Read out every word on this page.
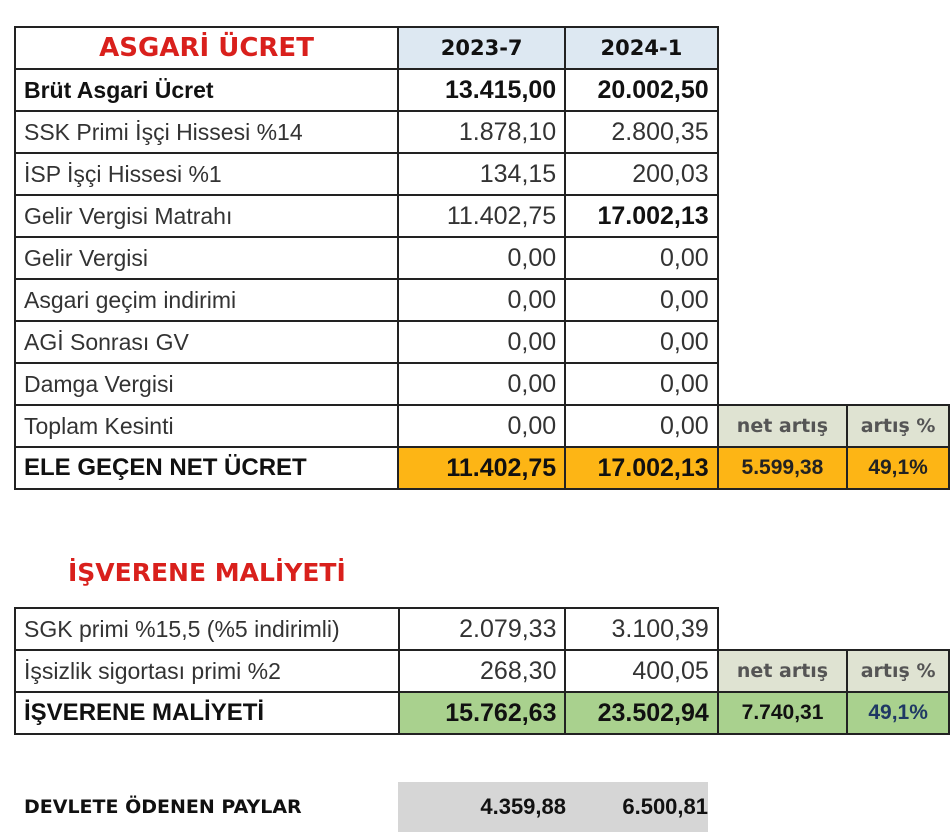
ASGARİ ÜCRET	2023-7	2024-1		
Brüt Asgari Ücret	13.415,00	20.002,50		
SSK Primi İşçi Hissesi %14	1.878,10	2.800,35		
İSP İşçi Hissesi %1	134,15	200,03		
Gelir Vergisi Matrahı	11.402,75	17.002,13		
Gelir Vergisi	0,00	0,00		
Asgari geçim indirimi	0,00	0,00		
AGİ Sonrası GV	0,00	0,00		
Damga Vergisi	0,00	0,00		
Toplam Kesinti	0,00	0,00	net artış	artış %
ELE GEÇEN NET ÜCRET	11.402,75	17.002,13	5.599,38	49,1%
İŞVERENE MALİYETİ
SGK primi %15,5 (%5 indirimli)	2.079,33	3.100,39		
İşsizlik sigortası primi %2	268,30	400,05	net artış	artış %
İŞVERENE MALİYETİ	15.762,63	23.502,94	7.740,31	49,1%
DEVLETE ÖDENEN PAYLAR	4.359,88	6.500,81
